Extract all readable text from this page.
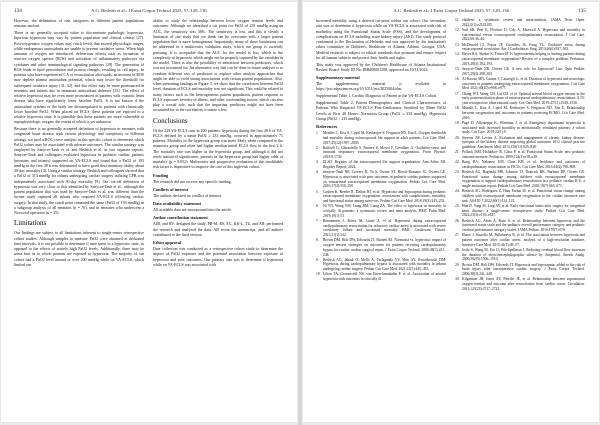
134	A.G. Beshish et al.; J Extra Corpor Technol 2025, 57, 129–136

However, the delineation of risk categories in different patient populations remains unclear.

There is no generally accepted value to discriminate pathologic hyperoxia. Injurious hyperoxia may vary by patient population and clinical context [27]. Post-oxygenator oxygen values may reach levels that exceed physiologic ranges, while endogenous antioxidants are unable to prevent oxidative stress. When high amounts of oxygen are introduced, deleterious effects such as formation of reactive oxygen species (ROS) and activation of inflammatory pathways via cytokines and other immunological signaling pathways [29]. The generation of ROS leads to lipid peroxidation and protein changes, resulting in cell injury. In patients who have experienced CA or resuscitation afterwards, an increase in ROS may deplete plasma antioxidant potential, which may lower the threshold for subsequent oxidative injury [31, 32], and this effect may be more pronounced in neonates and infants due to immature antioxidant defenses [33]. The effect of relative hyperoxia may be even more pronounced in patients with cyanotic heart disease who have significantly lower baseline PaO2. It is not known if the antioxidant systems of the body are downregulated in patients with chronically lower baseline PaO2. When placed on ECLS, these patients are exposed to a relative hyperoxia state. It is plausible that these patients are more vulnerable to supraphysiologic oxygen, the extent of which is yet unknown.

Because there is no generally accepted definition of hyperoxia in neonates with congenital heart disease with various physiology and complexity in different settings, we used a ROC curve analysis in this specific cohort to determine which PaO2 values may be associated with adverse outcomes. The similar strategy was employed by Sznycer-Taub et al. and Beshish et al. in two separate reports. Sznycer-Taub and colleagues evaluated hyperoxia in pediatric cardiac patients (neonates and infants) supported on VA-ECLS and found that a PaO2 of 193 mmHg in the first 48 h was determined to have good discriminatory ability about 30-day mortality [4]. Using a similar strategy, Beshish and colleagues showed that a PaO2 of 313 mmHg for infants undergoing cardiac surgery utilizing CPB was independently associated with 30-day mortality [9]. Our cut-off definition of hyperoxia was very close to that identified by Sznycer-Taub et al., although the patient population that was used by Sznycer-Taub et al. was different than the former study captured all infants who required VA-ECLS following cardiac surgery. In that study, the cutoff point remained the same (PaO2 of 193 mmHg) in a subgroup analysis of all neonates (n = 70), and in neonates who underwent a Norwood operation (n = 35).

Limitations

Our findings are subject to all limitations inherent to single-center retrospective cohort studies. Although samples to measure PaO2 were obtained at dedicated time intervals, it is not possible to determine if time spent in a hyperoxic state, as opposed to the effects of acutely high PaO2 levels. Additionally, there may be some bias as to which patients are exposed to hyperoxia. The majority of our cohort had a PaO2 level around or over 200 mmHg while on VA-ECLS, which limited our

ability to study the relationship between lower oxygen tension levels and outcomes. Although we identified a cut point for PaO2 of 233 mmHg using an AUC, the sensitivity was 36%. The sensitivity is low, and this is clearly a limitation of our study that we think can be overcome with a larger patient population that is more homogenous. Importantly, many of these limitations can be addressed in a multicenter validation study, which our group is currently pursuing. It is acceptable that the AUC for the model is low, which to the complexity of hyperoxia, which might not be properly captured by the variables in the model. There is also the possibility of interaction between predictors, which was not accounted for. An alternative way that can be done in future analyses is to combine different sets of predictors or explore other analytic approaches that might be able to yield strong associations with certain patient populations. Also, when presenting findings in Figure 3, we show that the correlation between PaO2 level, duration of ECLS and mortality was not significant. This could be related to many factors such as the heterogeneous patient population, patient response to ECLS exposure, severity of illness, and other confounding factors, which can also play a crucial role, such that the important predictors might not have been accounted for in the correlation, to name a few.

Conclusions

Of the 229 VA-ECLS runs in 200 patients, hyperoxia during the first 48 h of VA-ECLS defined by a mean PaO2 ≥ 233 mmHg, occurred in approximately 71 patients. Mortality in the hyperoxia group was more likely when compared to the normoxia group and often had higher median initial ECLS flow in the first 2 h. The mortality rate was higher in the hyperoxia group, and although it did not reach statistical significance, patients in the hyperoxia group had higher odds of mortality (p = 0.052). Multicenter and prospective evaluation of this modifiable risk factor is imperative to improve the care of this high-risk cohort.

Funding

The research did not receive any specific funding.

Conflicts of interest

The authors declared no conflict of interest.

Data availability statement

All available data are incorporated into the article.

Author contribution statement

AJB, and RV: designed the study. PR-M, RS, EG, KK-L, TZ, and AR: performed the research and analyzed the data. AB wrote the manuscript, and all authors contributed to the final version.

Ethics approval

Data collection was conducted as a retrospective cohort study to determine the impact of PaO2 exposure and the potential association between exposure to hyperoxia and poor outcomes. Our primary aim was to determine if hyperoxia while on VA-ECLS was associated with

A.G. Beshish et al.; J Extra Corpor Technol 2025, 57, 129–136	135

increased mortality using a derived cut-point within our cohort. Our secondary aim was to determine if hyperoxia while on VA-ECLS is associated with risk of morbidity using the Functional Status Scale (FSS), and the development of complications on ECLS including acute kidney injury (AKI). The study protocol conformed to the Declaration of Helsinki and was approved by the institution's ethics committee in Children's Healthcare of Atlanta, Atlanta, Georgia, USA. Medical research is subject to ethical standards that promote and ensure respect for all human subjects and protect their health and rights.

This study was approved by the Children's Healthcare of Atlanta Institutional Review Board: Study ID No. IRB#00001299, approved on 10/11/2022.

Supplementary material

The supplementary material is available at https://ject.edpsciences.org/10.1051/ject/2025004/olm.

Supplemental Table 1, Cardiac Diagnosis of Patient in the VA-ECLS Cohort.

Supplemental Table 2, Patient Demographics and Clinical Characteristics of Patients Who Required VA-ECLS Post-Cardiotomy Stratified by Mean PaO2 Levels at First 48 Hours: Normoxia Group (PaO2 ≤ 233 mmHg); Hyperoxia Group (PaO2 > 233 mmHg).

References
1.	Mendes L, Kiss A, Cypel M, Keshavjee S, Ferguson ND, Fan E. Oxygen thresholds and mortality during extracorporeal life support in adult patients. Crit Care Med. 2017;45(12):1997–2005.
2.	Raffaeli G, Ghirardello S, Passera S, Mosca F, Cavallaro G. Oxidative stress and neonatal respiratory extracorporeal membrane oxygenation. Front Physiol. 2018;9:1739.
3.	ELSO. Registry of the extracorporeal life support organization. Ann Arbor MI: Registry Report; 2024.
4.	Sznycer-Taub NR, Lowery R, Yu S, Owens ST, Hirsch-Romano JC, Owens GE. Hyperoxia is associated with poor outcomes in pediatric cardiac patients supported on venoarterial extracorporeal membrane oxygenation. Pediatr Crit Care Med. 2016;17(4):350–358.
5.	Cashen K, Reeder R, Dalton HJ, et al. Hyperoxia and hypocapnia during pediatric extracorporeal membrane oxygenation: associations with complications, mortality, and functional status among survivors. Pediatr Crit Care Med. 2018;19(3):245–253.
6.	Ni YN, Wang YM, Liang BM, Liang ZA. The effect of hyperoxia on mortality in critically ill patients: a systematic review and meta analysis. BMC Pulm Med. 2019;19(1):53.
7.	Bonnemain J, Rusca M, Ltaief Z, et al. Hyperoxia during extracorporeal cardiopulmonary resuscitation for refractory cardiac arrest is associated with severe circulatory failure and increased mortality. BMC Cardiovasc Disord. 2021;21(1):542.
8.	Brown DM, Holt DW, Edwards JT, Burnett RJ. Normoxia vs. hyperoxia: impact of oxygen tension strategies on outcomes for patients receiving cardiopulmonary bypass for routine cardiac surgical repair. J Extra Corpor Technol. 2006;38(3):241–248.
9.	Beshish AG, Jahadi O, Mello A, Yarlagadda VV, Shin AY, Kwiatkowski DM. Hyperoxia during cardiopulmonary bypass is associated with mortality in infants undergoing cardiac surgery. Pediatr Crit Care Med. 2021;22(5):445–453.
10. Lilien TA, Groeneveld NS, van Etten-Jamaludin F, et al. Association of arterial hyperoxia with outcomes in critically ill
11. children: a systematic review and meta-analysis. JAMA Netw Open. 2022;5(1):e2142105.
12. Sutl SH, Peel E, Fletcher D, Udy A, Maxwell A. Hyperoxia and mortality in conventional versus extracorporeal cardiopulmonary resuscitation. J Crit Care. 2022;68:36–44.
13. McDonald CI, Fraser JF, Coombes JS, Fung YL. Oxidative stress during extracorporeal circulation. Eur J Cardiothorac Surg. 2014;46(6):937–943.
14. Hayes RA, Shekar K, Fraser JF. Is hyperoxaemia helping or hurting patients during extracorporeal membrane oxygenation? Review of a complex problem. Perfusion. 2013;28(3):184–193.
15. Sznycer-Taub NR, Owens GE. A new role for hyperoxia? Curr Opin Pediatr. 2017;29(3):298–303.
16. Al-Kawaz MN, Canner J, Caturegli G, et al. Duration of hyperoxia and neurologic outcomes in patients undergoing extracorporeal membrane oxygenation. Crit Care Med. 2021;49(10):e968–e977.
17. Chang WT, Wang CH, Lai CH, et al. Optimal arterial blood oxygen tension in the early postresuscitation phase of extracorporeal cardiopulmonary resuscitation: A 15-year retrospective observational study. Crit Care Med. 2019;47(11):1549–1556.
18. Munshi L, Kiss A, Cypel M, Keshavjee S, Ferguson ND, Fan E. Relationship between oxygenation and outcomes in patients receiving ECMO. Crit Care Med. 2016.
19. Pagé D, Allouteppe K, Wiseman J, et al. Emergency department hyperoxia is associated with increased mortality in mechanically ventilated patients: a cohort study. Crit Care. 2018;22(1):9.
20. Stevens JW, Levine A. Evaluation and management of chronic kidney disease: synopsis of the kidney disease improving global outcomes 2012 clinical practice guideline. Ann Intern Med. 2013;158(11):825–830.
21. Pollack MM, Holubkov R, Glass P, et al. Functional Status Scale: new pediatric outcome measure. Pediatrics. 2009;124(1):e18–e28.
22. Bong RA, Nakaneo UM, Chan KH, et al. Incidence and outcomes of cardiopulmonary resuscitation in PICUs. Crit Care Med. 2016;44(4):798–808.
23. Beshish AG, Baginski MR, Johnson TJ, Deatrick BK, Barbaro RP, Owens GE. Functional status change among children with extracorporeal membrane oxygenation to support cardiopulmonary resuscitation in a pediatric cardiac ICU: a single institution report. Pediatr Crit Care Med. 2018;19(7):665–671.
24. Beshish AG, Rodriguez Z, Hani Farhat M, et al. Functional status change among children with extracorporeal membrane oxygenation in the cardiac intensive care unit. ASAIO J. 2022;69(1):114–121.
25. Hua D, Yang M, Ling AY, et al. Early functional status after surgery for congenital heart disease: a single-center retrospective study. Pediatr Crit Care Med. 2022;23(3):e139–e147.
26. Beshish AG, Amin A, Basu S, et al. Relationship between hyperoxia and the functional status scale and the pediatric overall performance category and pediatric cerebral performance category scales. JAMA Pediatr. 2016;170(7):676.
27. Elmer J, Scutella M, Pullalarevu R, et al. The association between hyperoxia and patient outcomes after cardiac arrest: analysis of a high-resolution database. Intensive Care Med. 2015;41(1):49–57.
28. Joshi S, Wang M, Etu JJ, Pile-Spellman J. Reducing cerebral blood flow increases the duration of electroencephalographic silence by thiopental. Anesth Analg. 2006;102(5):1506–1510.
29. Brown DM, Holt DW, Edwards JT. Hyperoxia and hypocapnia: added to the risk of brain injury after intraoperative cardiac surgery. J Extra Corpor Technol. 2006;38(3):241–248.
30. Kilgannon JH, Jones AE, Parrillo JE, et al. Relationship between supranormal oxygen tension and outcome after resuscitation from cardiac arrest. Circulation. 2011;123(23):2717–2722.
